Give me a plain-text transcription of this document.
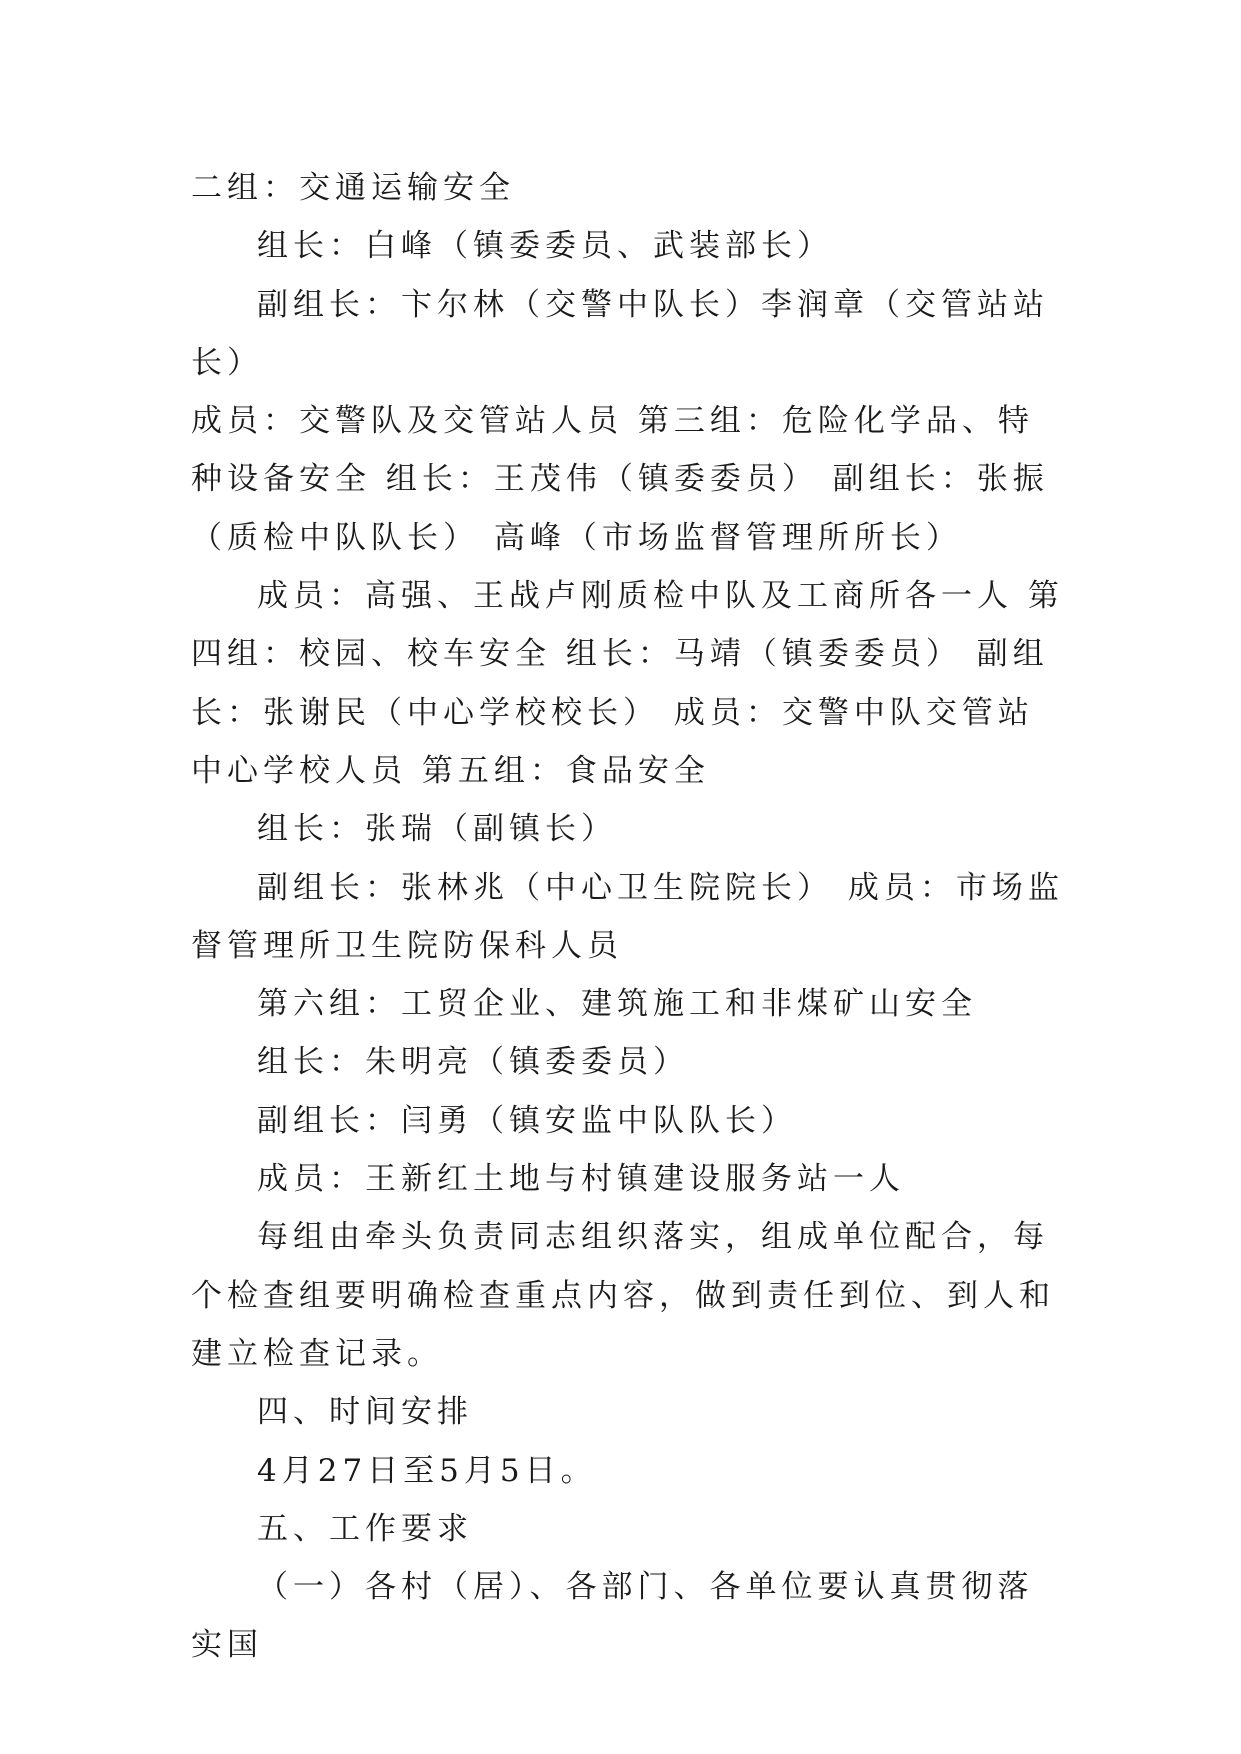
二组：交通运输安全

组长：白峰（镇委委员、武装部长）

副组长：卞尔林（交警中队长）李润章（交管站站长）

成员：交警队及交管站人员 第三组：危险化学品、特种设备安全 组长：王茂伟（镇委委员） 副组长：张振（质检中队队长） 高峰（市场监督管理所所长）

成员：高强、王战卢刚质检中队及工商所各一人 第四组：校园、校车安全 组长：马靖（镇委委员） 副组长：张谢民（中心学校校长） 成员：交警中队交管站中心学校人员 第五组：食品安全

组长：张瑞（副镇长）

副组长：张林兆（中心卫生院院长） 成员：市场监督管理所卫生院防保科人员

第六组：工贸企业、建筑施工和非煤矿山安全

组长：朱明亮（镇委委员）

副组长：闫勇（镇安监中队队长）

成员：王新红土地与村镇建设服务站一人

每组由牵头负责同志组织落实，组成单位配合，每个检查组要明确检查重点内容，做到责任到位、到人和建立检查记录。

四、时间安排

4月27日至5月5日。

五、工作要求

（一）各村（居）、各部门、各单位要认真贯彻落实国
